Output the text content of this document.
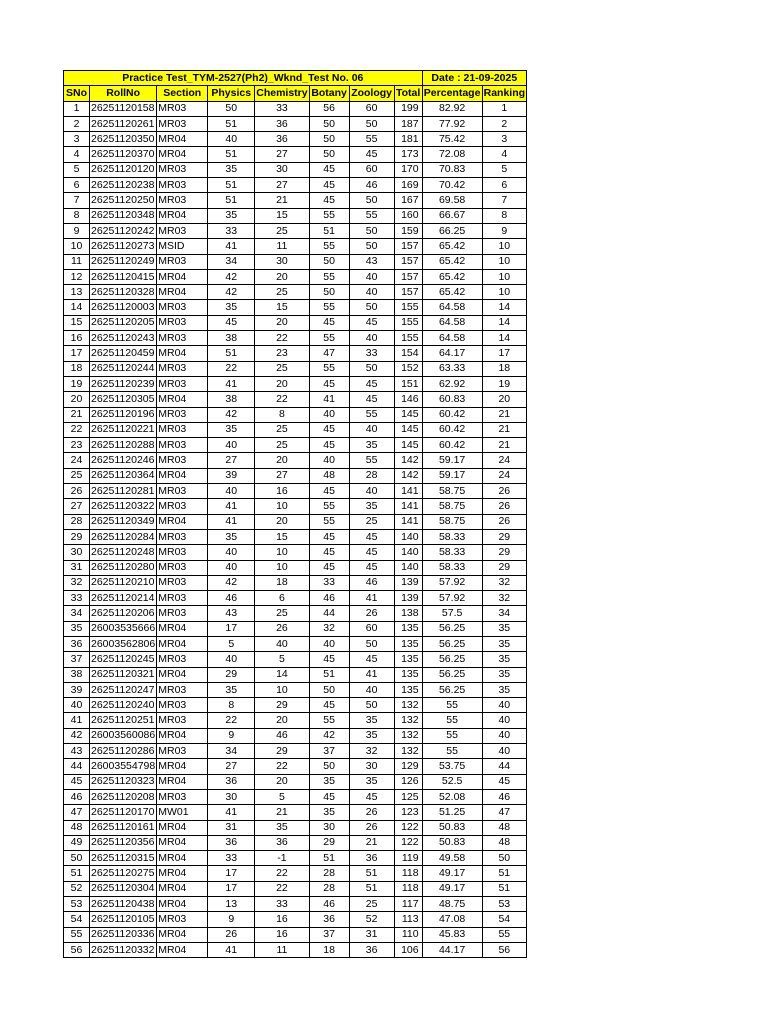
Practice Test_TYM-2527(Ph2)_Wknd_Test No. 06								Date : 21-09-2025	
SNo	RollNo	Section	Physics	Chemistry	Botany	Zoology	Total	Percentage	Ranking
1	26251120158	MR03	50	33	56	60	199	82.92	1
2	26251120261	MR03	51	36	50	50	187	77.92	2
3	26251120350	MR04	40	36	50	55	181	75.42	3
4	26251120370	MR04	51	27	50	45	173	72.08	4
5	26251120120	MR03	35	30	45	60	170	70.83	5
6	26251120238	MR03	51	27	45	46	169	70.42	6
7	26251120250	MR03	51	21	45	50	167	69.58	7
8	26251120348	MR04	35	15	55	55	160	66.67	8
9	26251120242	MR03	33	25	51	50	159	66.25	9
10	26251120273	MSID	41	11	55	50	157	65.42	10
11	26251120249	MR03	34	30	50	43	157	65.42	10
12	26251120415	MR04	42	20	55	40	157	65.42	10
13	26251120328	MR04	42	25	50	40	157	65.42	10
14	26251120003	MR03	35	15	55	50	155	64.58	14
15	26251120205	MR03	45	20	45	45	155	64.58	14
16	26251120243	MR03	38	22	55	40	155	64.58	14
17	26251120459	MR04	51	23	47	33	154	64.17	17
18	26251120244	MR03	22	25	55	50	152	63.33	18
19	26251120239	MR03	41	20	45	45	151	62.92	19
20	26251120305	MR04	38	22	41	45	146	60.83	20
21	26251120196	MR03	42	8	40	55	145	60.42	21
22	26251120221	MR03	35	25	45	40	145	60.42	21
23	26251120288	MR03	40	25	45	35	145	60.42	21
24	26251120246	MR03	27	20	40	55	142	59.17	24
25	26251120364	MR04	39	27	48	28	142	59.17	24
26	26251120281	MR03	40	16	45	40	141	58.75	26
27	26251120322	MR03	41	10	55	35	141	58.75	26
28	26251120349	MR04	41	20	55	25	141	58.75	26
29	26251120284	MR03	35	15	45	45	140	58.33	29
30	26251120248	MR03	40	10	45	45	140	58.33	29
31	26251120280	MR03	40	10	45	45	140	58.33	29
32	26251120210	MR03	42	18	33	46	139	57.92	32
33	26251120214	MR03	46	6	46	41	139	57.92	32
34	26251120206	MR03	43	25	44	26	138	57.5	34
35	26003535666	MR04	17	26	32	60	135	56.25	35
36	26003562806	MR04	5	40	40	50	135	56.25	35
37	26251120245	MR03	40	5	45	45	135	56.25	35
38	26251120321	MR04	29	14	51	41	135	56.25	35
39	26251120247	MR03	35	10	50	40	135	56.25	35
40	26251120240	MR03	8	29	45	50	132	55	40
41	26251120251	MR03	22	20	55	35	132	55	40
42	26003560086	MR04	9	46	42	35	132	55	40
43	26251120286	MR03	34	29	37	32	132	55	40
44	26003554798	MR04	27	22	50	30	129	53.75	44
45	26251120323	MR04	36	20	35	35	126	52.5	45
46	26251120208	MR03	30	5	45	45	125	52.08	46
47	26251120170	MW01	41	21	35	26	123	51.25	47
48	26251120161	MR04	31	35	30	26	122	50.83	48
49	26251120356	MR04	36	36	29	21	122	50.83	48
50	26251120315	MR04	33	-1	51	36	119	49.58	50
51	26251120275	MR04	17	22	28	51	118	49.17	51
52	26251120304	MR04	17	22	28	51	118	49.17	51
53	26251120438	MR04	13	33	46	25	117	48.75	53
54	26251120105	MR03	9	16	36	52	113	47.08	54
55	26251120336	MR04	26	16	37	31	110	45.83	55
56	26251120332	MR04	41	11	18	36	106	44.17	56
